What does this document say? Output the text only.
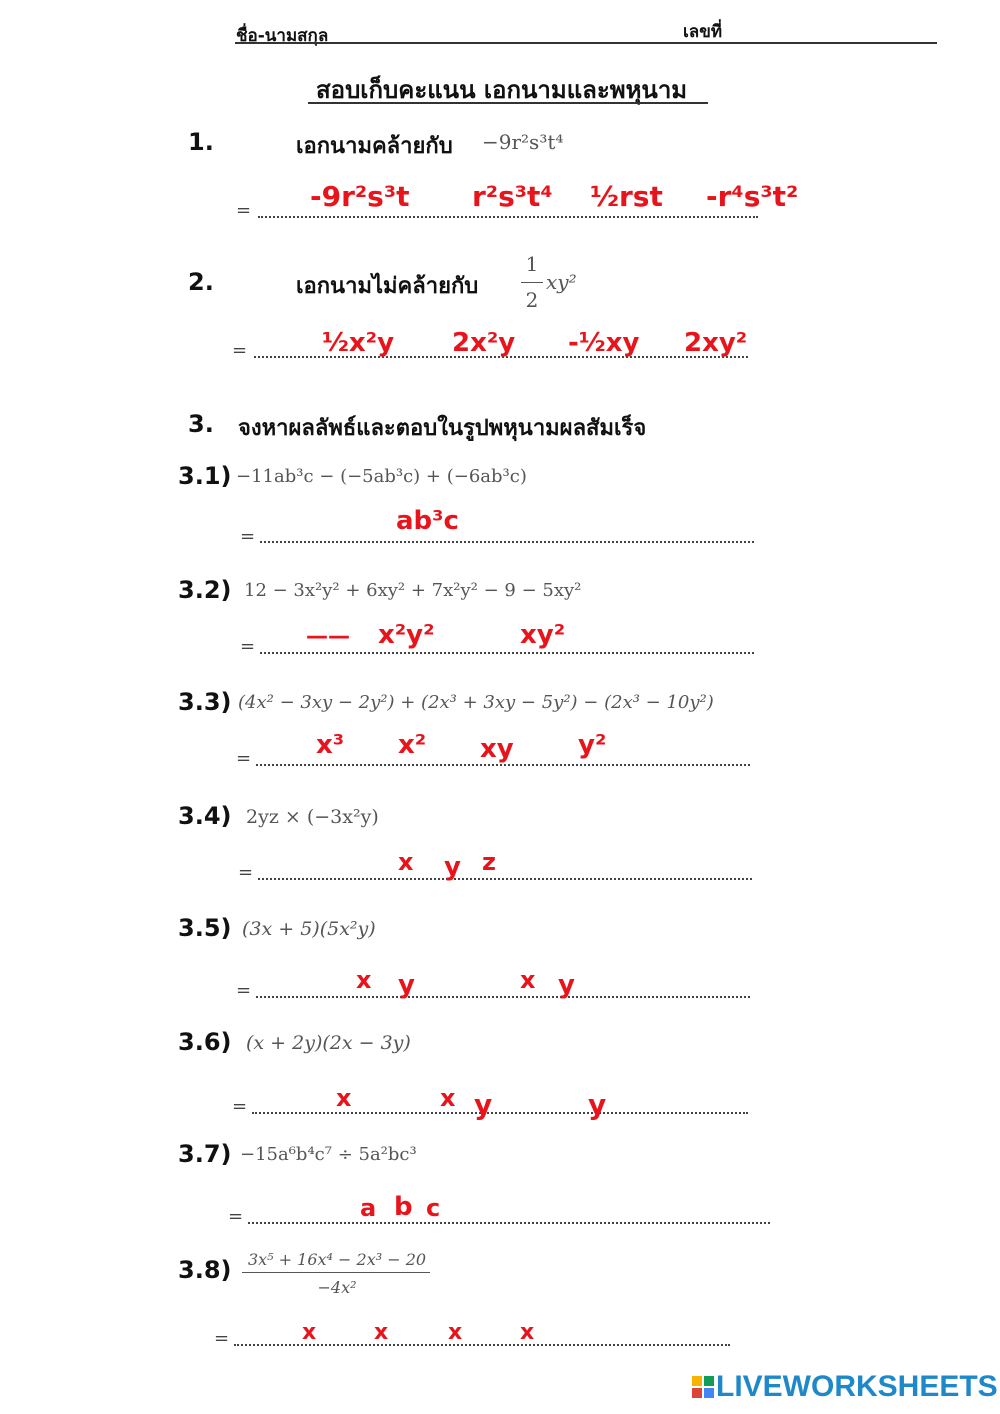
ชื่อ-นามสกุล	เลขที่
สอบเก็บคะแนน เอกนามและพหุนาม
1.	เอกนามคล้ายกับ −9r²s³t⁴
= -9r²s³t r²s³t⁴ ½rst -r⁴s³t²
2.	เอกนามไม่คล้ายกับ
1
2
xy²
=	½x²y 2x²y -½xy 2xy²
3. จงหาผลลัพธ์และตอบในรูปพหุนามผลสัมเร็จ
3.1) −11ab³c − (−5ab³c) + (−6ab³c)
=
ab³c
3.2) 12 − 3x²y² + 6xy² + 7x²y² − 9 − 5xy²
= —— x²y²	xy²
3.3) (4x² − 3xy − 2y²) + (2x³ + 3xy − 5y²) − (2x³ − 10y²)
= x³ x² xy y²
3.4) 2yz × (−3x²y)
=	x y z
3.5) (3x + 5)(5x²y)
=	x y	x y
3.6) (x + 2y)(2x − 3y)
=	x	x y	y
3.7) −15a⁶b⁴c⁷ ÷ 5a²bc³
=	a b c
3.8) 3x⁵ + 16x⁴ − 2x³ − 20
−4x²
=	x	x	x	x
LIVEWORKSHEETS
